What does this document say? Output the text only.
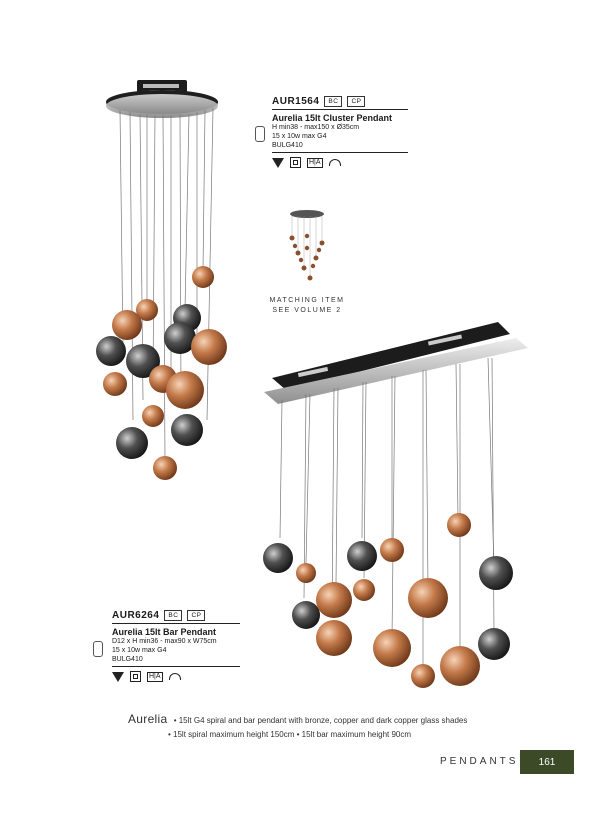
AUR1564	BC	CP
Aurelia 15lt Cluster Pendant
H min38 - max150 x Ø35cm
15 x 10w max G4
BULG410
H|A
MATCHING ITEM
SEE VOLUME 2
AUR6264	BC	CP
Aurelia 15lt Bar Pendant
D12 x H min36 - max90 x W75cm
15 x 10w max G4
BULG410
H|A
Aurelia • 15lt G4 spiral and bar pendant with bronze, copper and dark copper glass shades
• 15lt spiral maximum height 150cm • 15lt bar maximum height 90cm
PENDANTS	161
